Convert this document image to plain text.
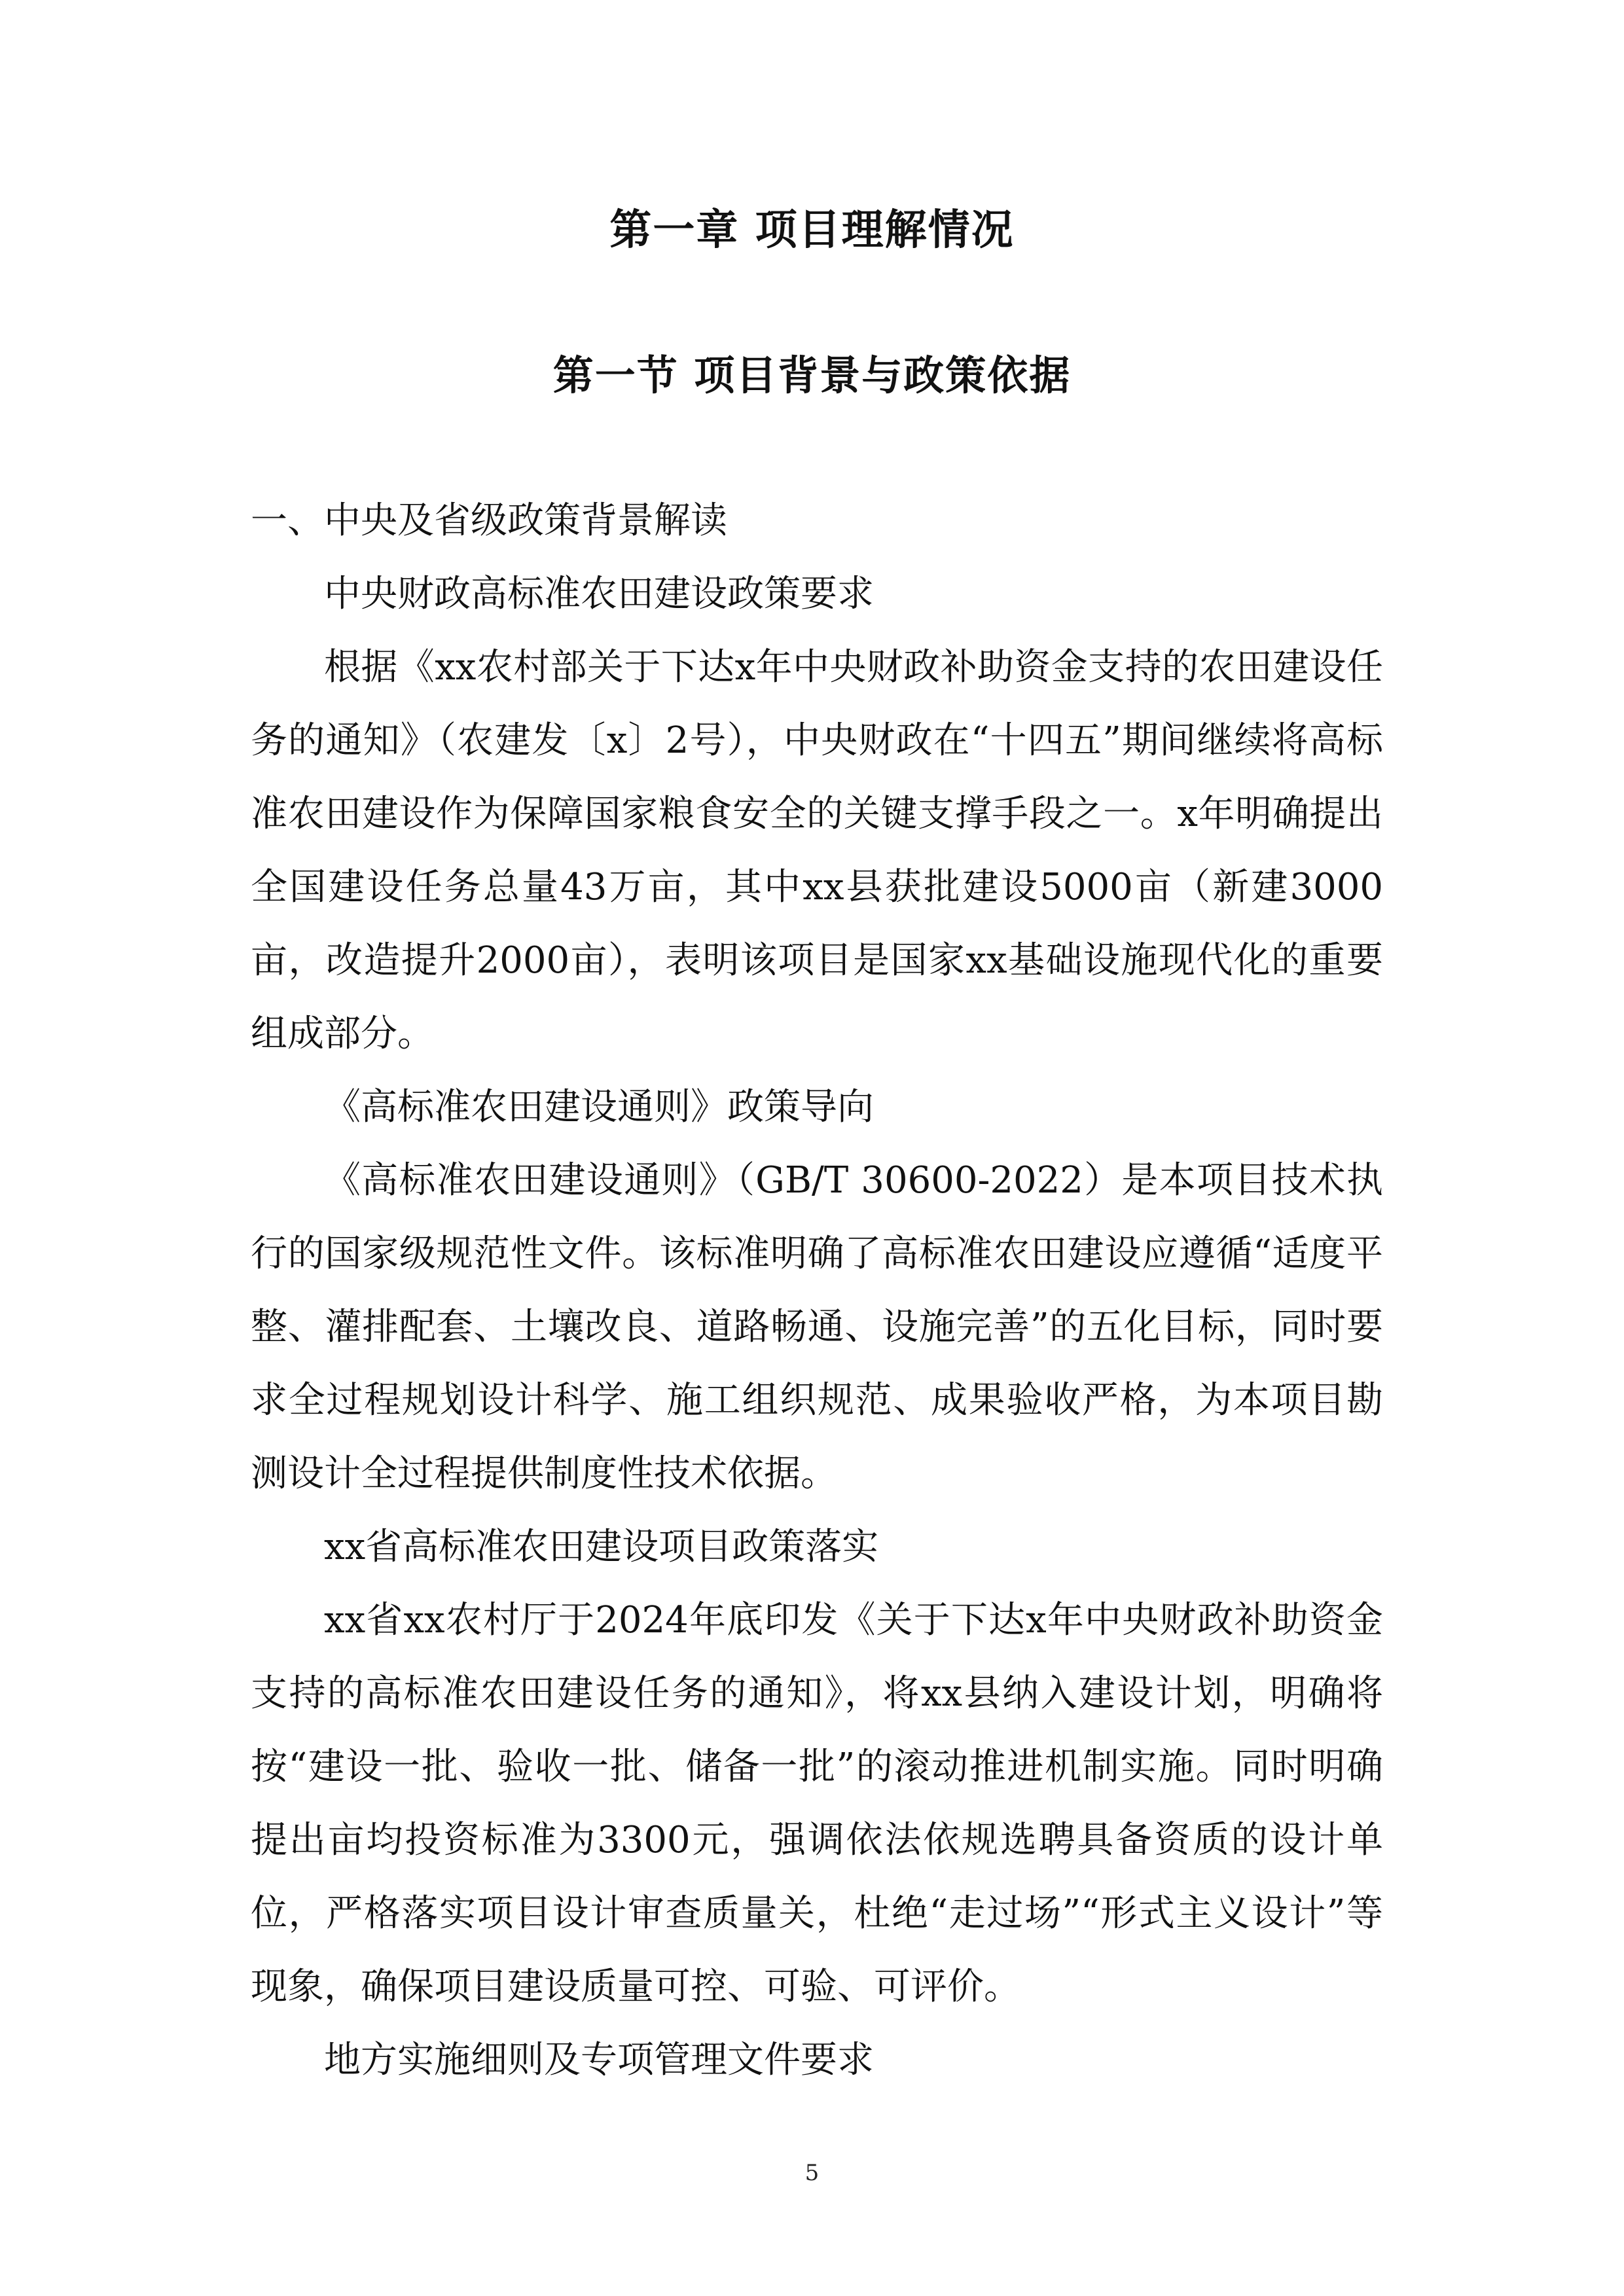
第一章 项目理解情况
第一节 项目背景与政策依据

一、中央及省级政策背景解读

中央财政高标准农田建设政策要求

根据《xx农村部关于下达x年中央财政补助资金支持的农田建设任务的通知》（农建发〔x〕2号），中央财政在“十四五”期间继续将高标准农田建设作为保障国家粮食安全的关键支撑手段之一。x年明确提出全国建设任务总量43万亩，其中xx县获批建设5000亩（新建3000亩，改造提升2000亩），表明该项目是国家xx基础设施现代化的重要组成部分。

《高标准农田建设通则》政策导向

《高标准农田建设通则》（GB/T 30600-2022）是本项目技术执行的国家级规范性文件。该标准明确了高标准农田建设应遵循“适度平整、灌排配套、土壤改良、道路畅通、设施完善”的五化目标，同时要求全过程规划设计科学、施工组织规范、成果验收严格，为本项目勘测设计全过程提供制度性技术依据。

xx省高标准农田建设项目政策落实

xx省xx农村厅于2024年底印发《关于下达x年中央财政补助资金支持的高标准农田建设任务的通知》，将xx县纳入建设计划，明确将按“建设一批、验收一批、储备一批”的滚动推进机制实施。同时明确提出亩均投资标准为3300元，强调依法依规选聘具备资质的设计单位，严格落实项目设计审查质量关，杜绝“走过场”“形式主义设计”等现象，确保项目建设质量可控、可验、可评价。

地方实施细则及专项管理文件要求

5
